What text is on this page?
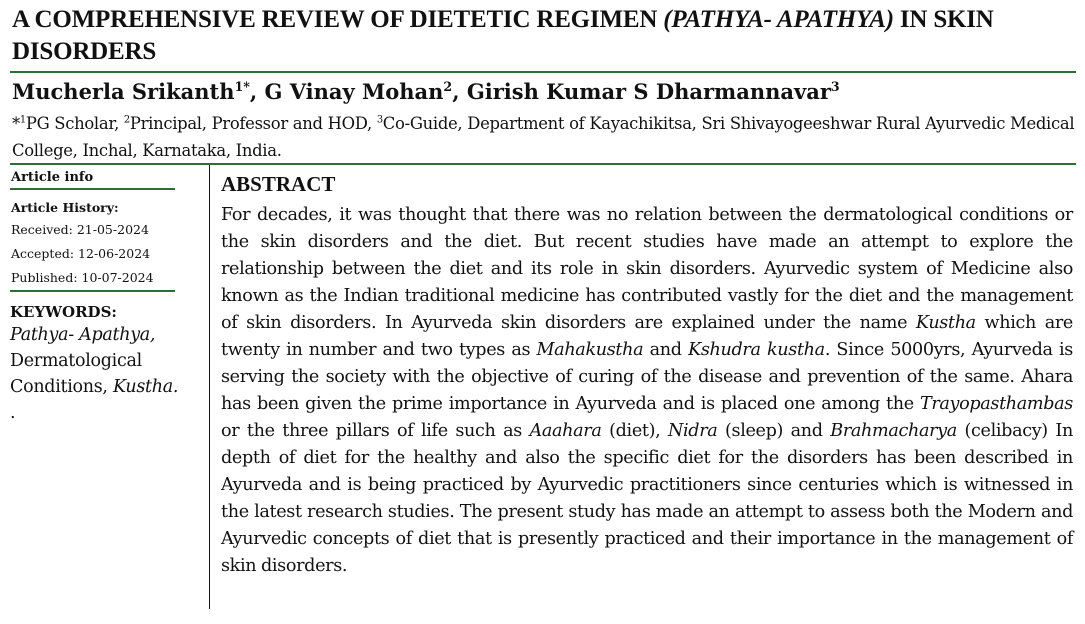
A COMPREHENSIVE REVIEW OF DIETETIC REGIMEN (PATHYA- APATHYA) IN SKIN DISORDERS
Mucherla Srikanth$^{1*}$, G Vinay Mohan$^2$, Girish Kumar S Dharmannavar$^3$
*$^1$PG Scholar, $^2$Principal, Professor and HOD, $^3$Co-Guide, Department of Kayachikitsa, Sri Shivayogeeshwar Rural Ayurvedic Medical College, Inchal, Karnataka, India.
Article info
Article History:
Received: 21-05-2024
Accepted: 12-06-2024
Published: 10-07-2024
KEYWORDS:
Pathya- Apathya, Dermatological Conditions, Kustha.
.
ABSTRACT
For decades, it was thought that there was no relation between the dermatological conditions or the skin disorders and the diet. But recent studies have made an attempt to explore the relationship between the diet and its role in skin disorders. Ayurvedic system of Medicine also known as the Indian traditional medicine has contributed vastly for the diet and the management of skin disorders. In Ayurveda skin disorders are explained under the name Kustha which are twenty in number and two types as Mahakustha and Kshudra kustha. Since 5000yrs, Ayurveda is serving the society with the objective of curing of the disease and prevention of the same. Ahara has been given the prime importance in Ayurveda and is placed one among the Trayopasthambas or the three pillars of life such as Aaahara (diet), Nidra (sleep) and Brahmacharya (celibacy) In depth of diet for the healthy and also the specific diet for the disorders has been described in Ayurveda and is being practiced by Ayurvedic practitioners since centuries which is witnessed in the latest research studies. The present study has made an attempt to assess both the Modern and Ayurvedic concepts of diet that is presently practiced and their importance in the management of skin disorders.
